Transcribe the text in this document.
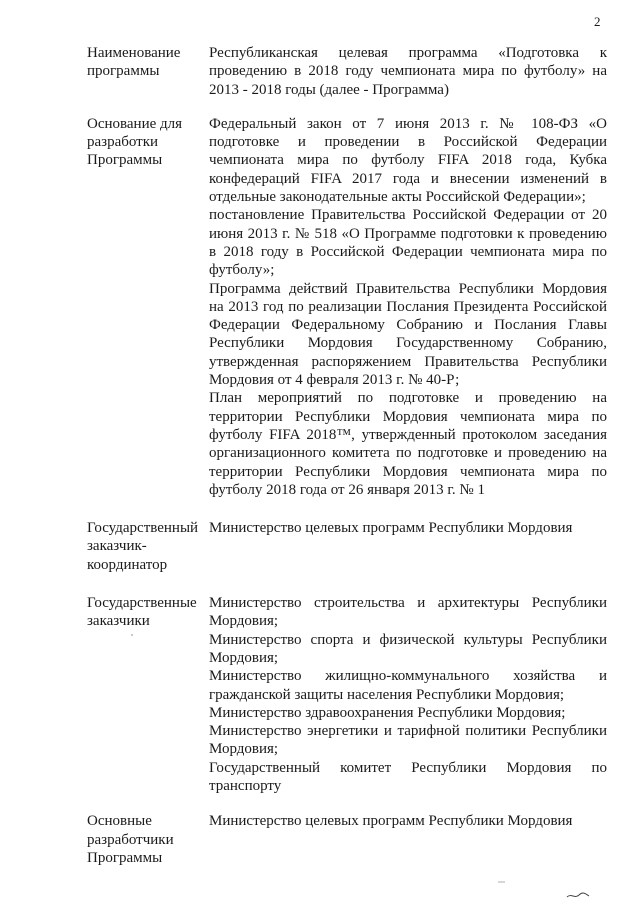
2
Наименование программы

Республиканская целевая программа «Подготовка к проведению в 2018 году чемпионата мира по футболу» на 2013 - 2018 годы (далее - Программа)

Основание для разработки Программы

Федеральный закон от 7 июня 2013 г. № 108-ФЗ «О подготовке и проведении в Российской Федерации чемпионата мира по футболу FIFA 2018 года, Кубка конфедераций FIFA 2017 года и внесении изменений в отдельные законодательные акты Российской Федерации»;

постановление Правительства Российской Федерации от 20 июня 2013 г. № 518 «О Программе подготовки к проведению в 2018 году в Российской Федерации чемпионата мира по футболу»;

Программа действий Правительства Республики Мордовия на 2013 год по реализации Послания Президента Российской Федерации Федеральному Собранию и Послания Главы Республики Мордовия Государственному Собранию, утвержденная распоряжением Правительства Республики Мордовия от 4 февраля 2013 г. № 40-Р;

План мероприятий по подготовке и проведению на территории Республики Мордовия чемпионата мира по футболу FIFA 2018™, утвержденный протоколом заседания организационного комитета по подготовке и проведению на территории Республики Мордовия чемпионата мира по футболу 2018 года от 26 января 2013 г. № 1

Государственный заказчик-координатор

Министерство целевых программ Республики Мордовия

Государственные заказчики

Министерство строительства и архитектуры Республики Мордовия;

Министерство спорта и физической культуры Республики Мордовия;

Министерство жилищно-коммунального хозяйства и гражданской защиты населения Республики Мордовия;

Министерство здравоохранения Республики Мордовия;

Министерство энергетики и тарифной политики Республики Мордовия;

Государственный комитет Республики Мордовия по транспорту

Основные разработчики Программы

Министерство целевых программ Республики Мордовия
